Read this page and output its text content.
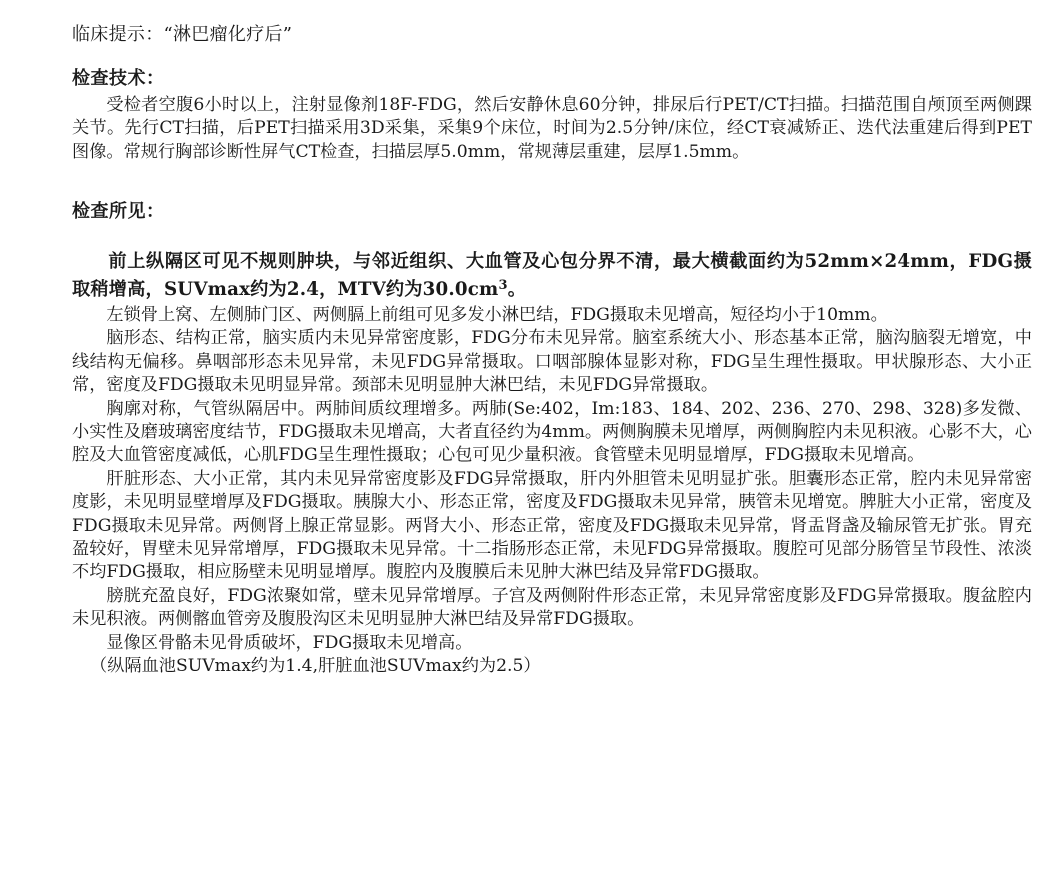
临床提示：“淋巴瘤化疗后”
检查技术：

受检者空腹6小时以上，注射显像剂18F-FDG，然后安静休息60分钟，排尿后行PET/CT扫描。扫描范围自颅顶至两侧踝关节。先行CT扫描，后PET扫描采用3D采集，采集9个床位，时间为2.5分钟/床位，经CT衰减矫正、迭代法重建后得到PET图像。常规行胸部诊断性屏气CT检查，扫描层厚5.0mm，常规薄层重建，层厚1.5mm。

检查所见：

前上纵隔区可见不规则肿块，与邻近组织、大血管及心包分界不清，最大横截面约为52mm×24mm，FDG摄取稍增高，SUVmax约为2.4，MTV约为$30.0cm^3$。

左锁骨上窝、左侧肺门区、两侧膈上前组可见多发小淋巴结，FDG摄取未见增高，短径均小于10mm。

脑形态、结构正常，脑实质内未见异常密度影，FDG分布未见异常。脑室系统大小、形态基本正常，脑沟脑裂无增宽，中线结构无偏移。鼻咽部形态未见异常，未见FDG异常摄取。口咽部腺体显影对称，FDG呈生理性摄取。甲状腺形态、大小正常，密度及FDG摄取未见明显异常。颈部未见明显肿大淋巴结，未见FDG异常摄取。

胸廓对称，气管纵隔居中。两肺间质纹理增多。两肺(Se:402，Im:183、184、202、236、270、298、328)多发微、小实性及磨玻璃密度结节，FDG摄取未见增高，大者直径约为4mm。两侧胸膜未见增厚，两侧胸腔内未见积液。心影不大，心腔及大血管密度减低，心肌FDG呈生理性摄取；心包可见少量积液。食管壁未见明显增厚，FDG摄取未见增高。

肝脏形态、大小正常，其内未见异常密度影及FDG异常摄取，肝内外胆管未见明显扩张。胆囊形态正常，腔内未见异常密度影，未见明显壁增厚及FDG摄取。胰腺大小、形态正常，密度及FDG摄取未见异常，胰管未见增宽。脾脏大小正常，密度及FDG摄取未见异常。两侧肾上腺正常显影。两肾大小、形态正常，密度及FDG摄取未见异常，肾盂肾盏及输尿管无扩张。胃充盈较好，胃壁未见异常增厚，FDG摄取未见异常。十二指肠形态正常，未见FDG异常摄取。腹腔可见部分肠管呈节段性、浓淡不均FDG摄取，相应肠壁未见明显增厚。腹腔内及腹膜后未见肿大淋巴结及异常FDG摄取。

膀胱充盈良好，FDG浓聚如常，壁未见异常增厚。子宫及两侧附件形态正常，未见异常密度影及FDG异常摄取。腹盆腔内未见积液。两侧髂血管旁及腹股沟区未见明显肿大淋巴结及异常FDG摄取。

显像区骨骼未见骨质破坏，FDG摄取未见增高。

（纵隔血池SUVmax约为1.4,肝脏血池SUVmax约为2.5）
